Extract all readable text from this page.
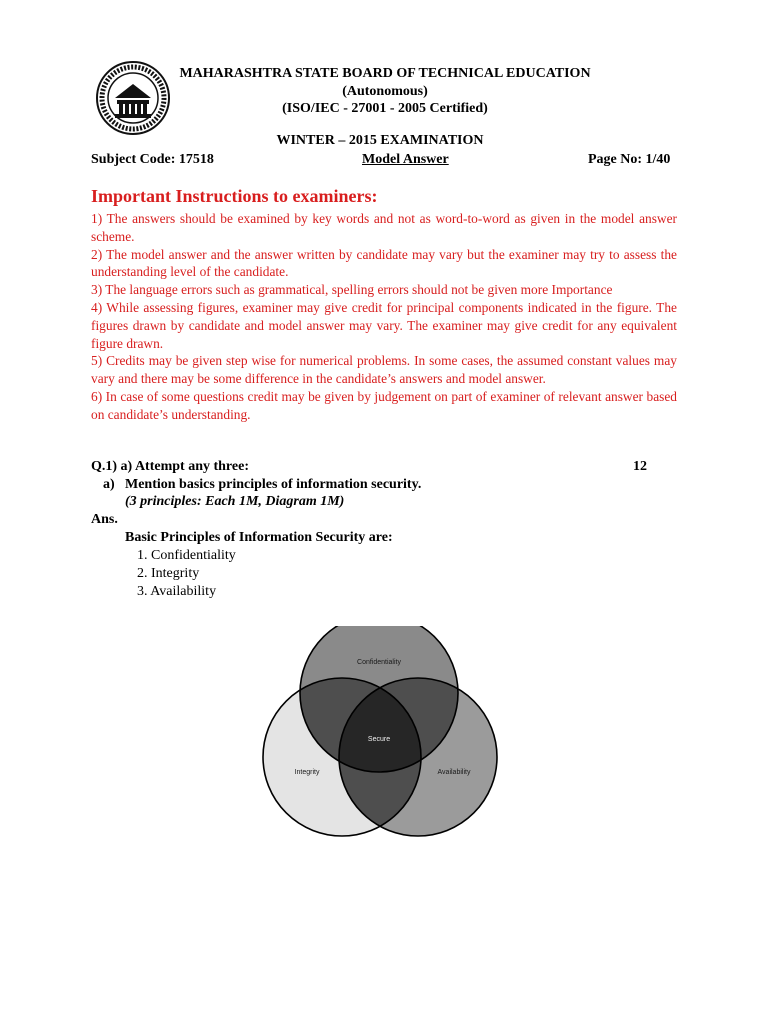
MAHARASHTRA STATE BOARD OF TECHNICAL EDUCATION
(Autonomous)
(ISO/IEC - 27001 - 2005 Certified)
WINTER – 2015 EXAMINATION
Subject Code: 17518	Model Answer	Page No: 1/40
Important Instructions to examiners:

1) The answers should be examined by key words and not as word-to-word as given in the model answer scheme.

2) The model answer and the answer written by candidate may vary but the examiner may try to assess the understanding level of the candidate.

3) The language errors such as grammatical, spelling errors should not be given more Importance

4) While assessing figures, examiner may give credit for principal components indicated in the figure. The figures drawn by candidate and model answer may vary. The examiner may give credit for any equivalent figure drawn.

5) Credits may be given step wise for numerical problems. In some cases, the assumed constant values may vary and there may be some difference in the candidate’s answers and model answer.

6) In case of some questions credit may be given by judgement on part of examiner of relevant answer based on candidate’s understanding.

Q.1) a) Attempt any three:	12
a) Mention basics principles of information security.
(3 principles: Each 1M, Diagram 1M)
Ans.
Basic Principles of Information Security are:
1. Confidentiality
2. Integrity
3. Availability
Confidentiality
Integrity	Availability
Secure
